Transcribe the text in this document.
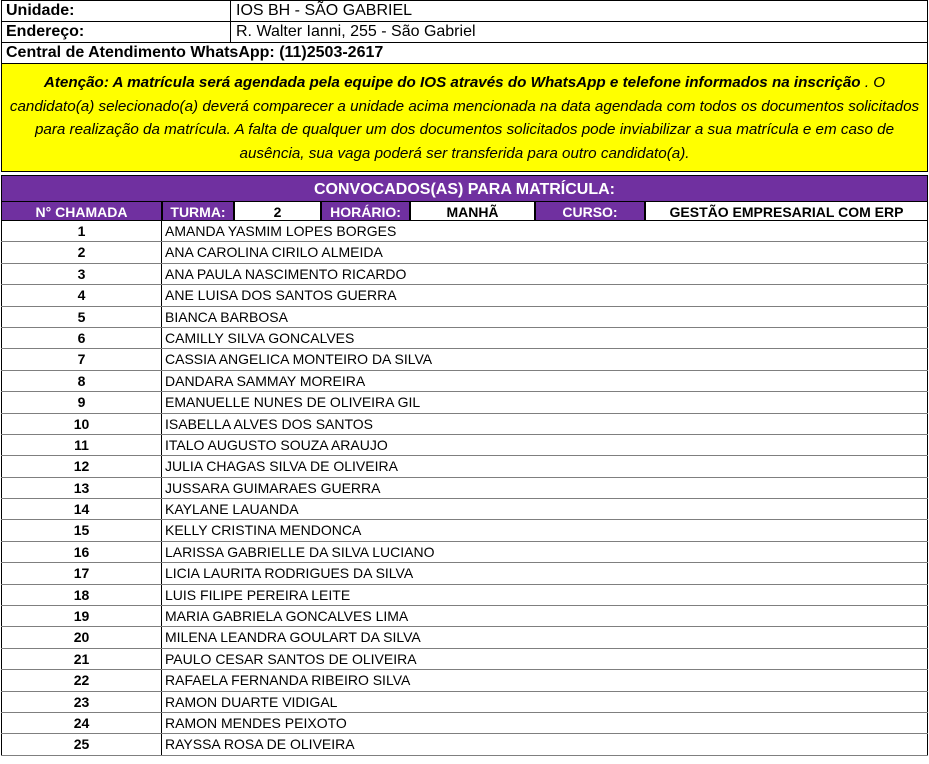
Unidade:	IOS BH - SÃO GABRIEL
Endereço:	R. Walter Ianni, 255 - São Gabriel
Central de Atendimento WhatsApp: (11)2503-2617
Atenção: A matrícula será agendada pela equipe do IOS através do WhatsApp e telefone informados na inscrição . O candidato(a) selecionado(a) deverá comparecer a unidade acima mencionada na data agendada com todos os documentos solicitados para realização da matrícula. A falta de qualquer um dos documentos solicitados pode inviabilizar a sua matrícula e em caso de ausência, sua vaga poderá ser transferida para outro candidato(a).
CONVOCADOS(AS) PARA MATRÍCULA:
N° CHAMADA	TURMA:	2	HORÁRIO:	MANHÃ	CURSO:	GESTÃO EMPRESARIAL COM ERP
1	AMANDA YASMIM LOPES BORGES
2	ANA CAROLINA CIRILO ALMEIDA
3	ANA PAULA NASCIMENTO RICARDO
4	ANE LUISA DOS SANTOS GUERRA
5	BIANCA BARBOSA
6	CAMILLY SILVA GONCALVES
7	CASSIA ANGELICA MONTEIRO DA SILVA
8	DANDARA SAMMAY MOREIRA
9	EMANUELLE NUNES DE OLIVEIRA GIL
10	ISABELLA ALVES DOS SANTOS
11	ITALO AUGUSTO SOUZA ARAUJO
12	JULIA CHAGAS SILVA DE OLIVEIRA
13	JUSSARA GUIMARAES GUERRA
14	KAYLANE LAUANDA
15	KELLY CRISTINA MENDONCA
16	LARISSA GABRIELLE DA SILVA LUCIANO
17	LICIA LAURITA RODRIGUES DA SILVA
18	LUIS FILIPE PEREIRA LEITE
19	MARIA GABRIELA GONCALVES LIMA
20	MILENA LEANDRA GOULART DA SILVA
21	PAULO CESAR SANTOS DE OLIVEIRA
22	RAFAELA FERNANDA RIBEIRO SILVA
23	RAMON DUARTE VIDIGAL
24	RAMON MENDES PEIXOTO
25	RAYSSA ROSA DE OLIVEIRA
